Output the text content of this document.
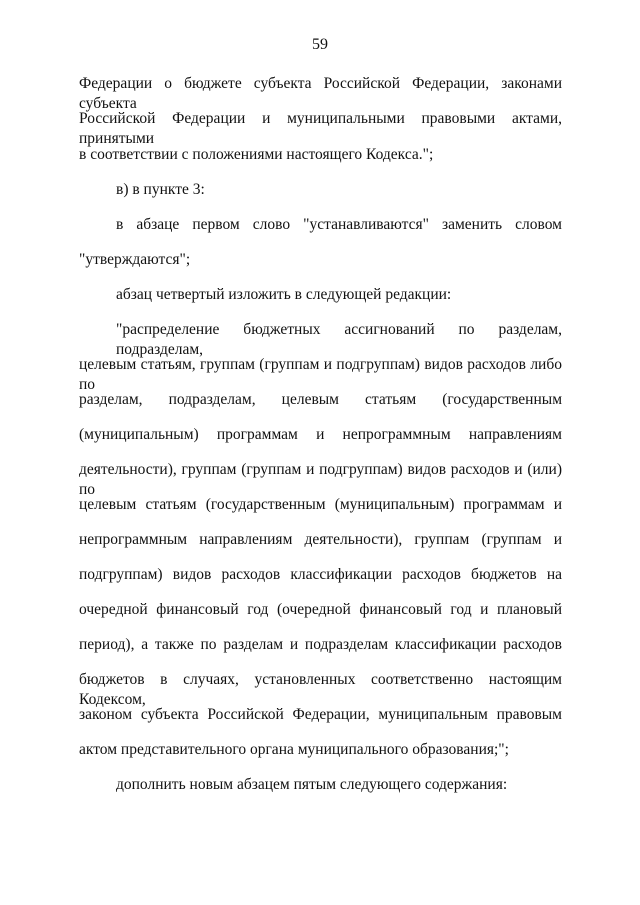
59
Федерации о бюджете субъекта Российской Федерации, законами субъекта
Российской Федерации и муниципальными правовыми актами, принятыми
в соответствии с положениями настоящего Кодекса.";
в) в пункте 3:
в абзаце первом слово "устанавливаются" заменить словом
"утверждаются";
абзац четвертый изложить в следующей редакции:
"распределение бюджетных ассигнований по разделам, подразделам,
целевым статьям, группам (группам и подгруппам) видов расходов либо по
разделам, подразделам, целевым статьям (государственным
(муниципальным) программам и непрограммным направлениям
деятельности), группам (группам и подгруппам) видов расходов и (или) по
целевым статьям (государственным (муниципальным) программам и
непрограммным направлениям деятельности), группам (группам и
подгруппам) видов расходов классификации расходов бюджетов на
очередной финансовый год (очередной финансовый год и плановый
период), а также по разделам и подразделам классификации расходов
бюджетов в случаях, установленных соответственно настоящим Кодексом,
законом субъекта Российской Федерации, муниципальным правовым
актом представительного органа муниципального образования;";
дополнить новым абзацем пятым следующего содержания:
